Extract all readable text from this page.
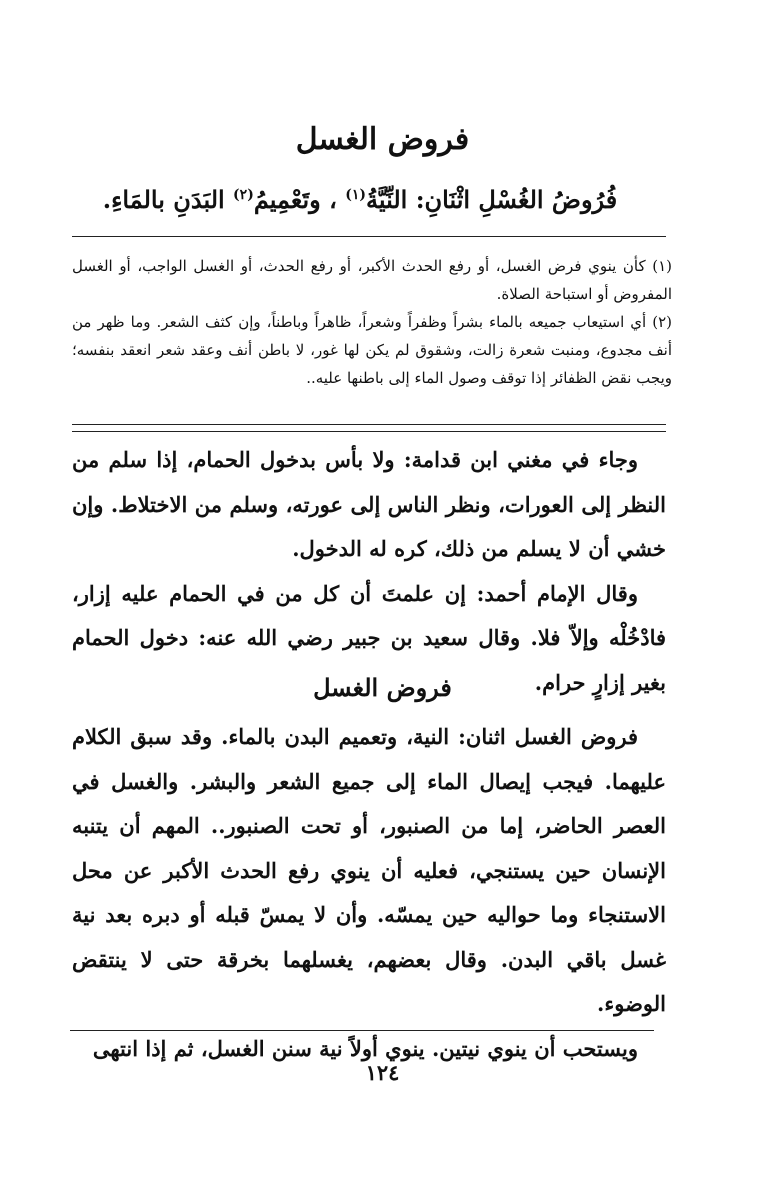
فروض الغسل

فُرُوضُ الغُسْلِ اثْنَانِ: النِّيَّةُ$^{(١)}$ ، وتَعْمِيمُ$^{(٢)}$ البَدَنِ بالمَاءِ.

(١) كأن ينوي فرض الغسل، أو رفع الحدث الأكبر، أو رفع الحدث، أو الغسل الواجب، أو الغسل المفروض أو استباحة الصلاة.

(٢) أي استيعاب جميعه بالماء بشراً وظفراً وشعراً، ظاهراً وباطناً، وإن كثف الشعر. وما ظهر من أنف مجدوع، ومنبت شعرة زالت، وشقوق لم يكن لها غور، لا باطن أنف وعقد شعر انعقد بنفسه؛ ويجب نقض الظفائر إذا توقف وصول الماء إلى باطنها عليه..

وجاء في مغني ابن قدامة: ولا بأس بدخول الحمام، إذا سلم من النظر إلى العورات، ونظر الناس إلى عورته، وسلم من الاختلاط. وإن خشي أن لا يسلم من ذلك، كره له الدخول.

وقال الإمام أحمد: إن علمتَ أن كل من في الحمام عليه إزار، فادْخُلْه وإلاّ فلا. وقال سعيد بن جبير رضي الله عنه: دخول الحمام بغير إزارٍ حرام.

فروض الغسل

فروض الغسل اثنان: النية، وتعميم البدن بالماء. وقد سبق الكلام عليهما. فيجب إيصال الماء إلى جميع الشعر والبشر. والغسل في العصر الحاضر، إما من الصنبور، أو تحت الصنبور.. المهم أن يتنبه الإنسان حين يستنجي، فعليه أن ينوي رفع الحدث الأكبر عن محل الاستنجاء وما حواليه حين يمسّه. وأن لا يمسّ قبله أو دبره بعد نية غسل باقي البدن. وقال بعضهم، يغسلهما بخرقة حتى لا ينتقض الوضوء.

ويستحب أن ينوي نيتين. ينوي أولاً نية سنن الغسل، ثم إذا انتهى

١٢٤
